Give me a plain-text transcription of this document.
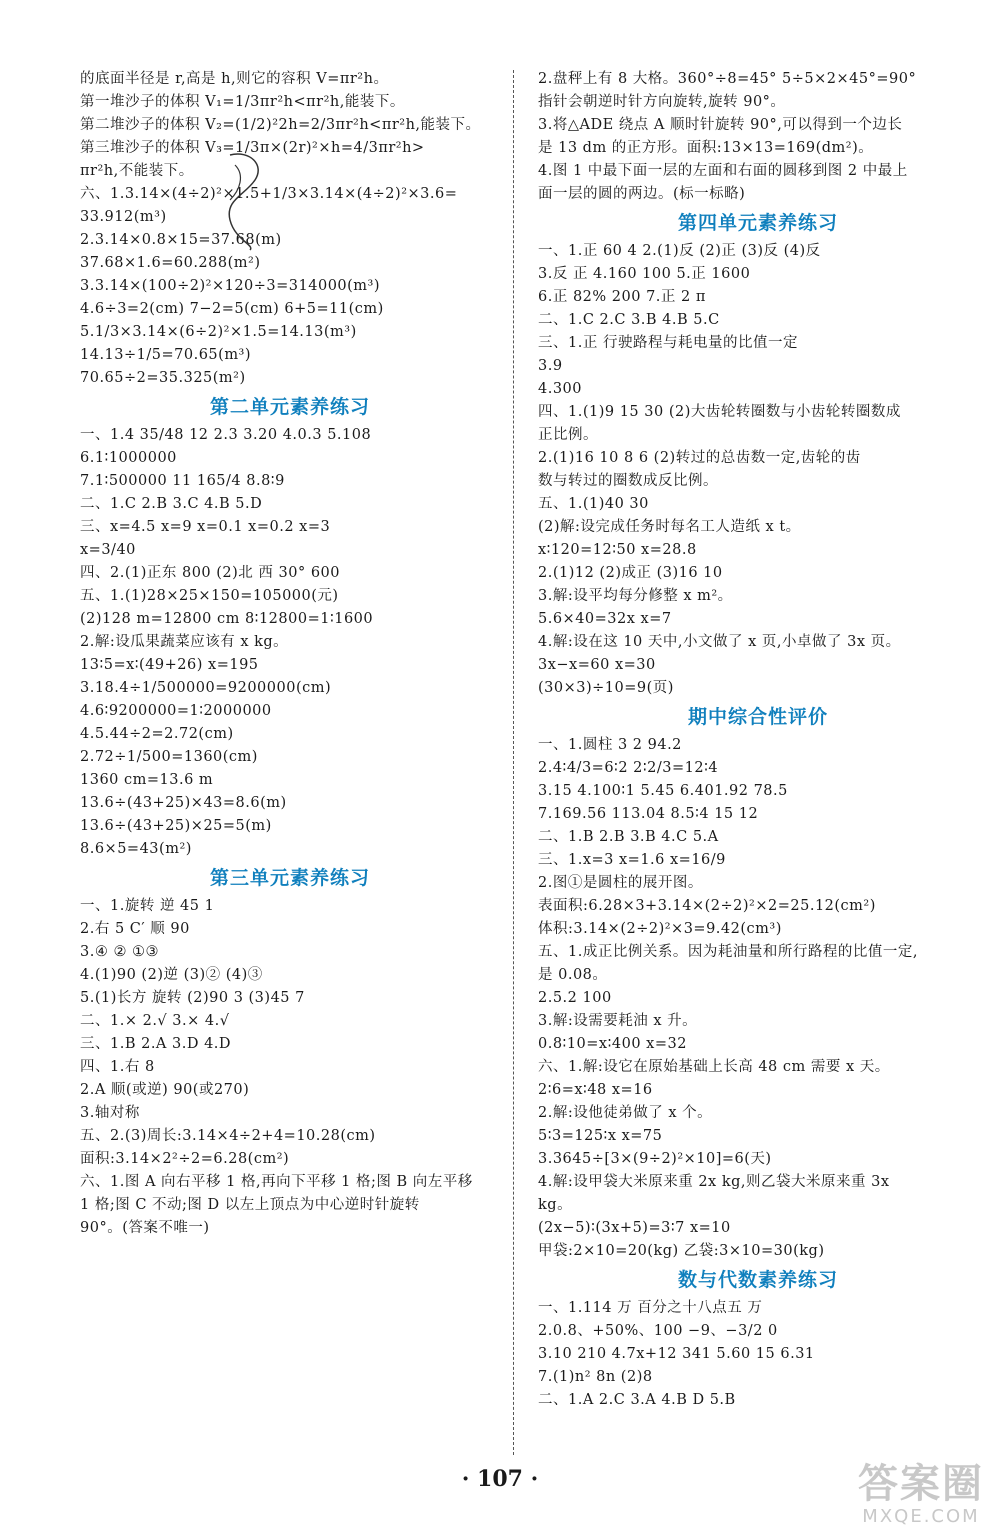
的底面半径是 r,高是 h,则它的容积 V=πr²h。
第一堆沙子的体积 V₁=1/3πr²h<πr²h,能装下。
第二堆沙子的体积 V₂=(1/2)²2h=2/3πr²h<πr²h,能装下。
第三堆沙子的体积 V₃=1/3π×(2r)²×h=4/3πr²h>
πr²h,不能装下。
六、1.3.14×(4÷2)²×1.5+1/3×3.14×(4÷2)²×3.6=
33.912(m³)
2.3.14×0.8×15=37.68(m)
37.68×1.6=60.288(m²)
3.3.14×(100÷2)²×120÷3=314000(m³)
4.6÷3=2(cm) 7−2=5(cm) 6+5=11(cm)
5.1/3×3.14×(6÷2)²×1.5=14.13(m³)
14.13÷1/5=70.65(m³)
70.65÷2=35.325(m²)
第二单元素养练习
一、1.4 35/48 12 2.3 3.20 4.0.3 5.108
6.1∶1000000
7.1∶500000 11 165/4 8.8∶9
二、1.C 2.B 3.C 4.B 5.D
三、x=4.5 x=9 x=0.1 x=0.2 x=3
x=3/40
四、2.(1)正东 800 (2)北 西 30° 600
五、1.(1)28×25×150=105000(元)
(2)128 m=12800 cm 8∶12800=1∶1600
2.解:设瓜果蔬菜应该有 x kg。
13∶5=x∶(49+26) x=195
3.18.4÷1/500000=9200000(cm)
4.6∶9200000=1∶2000000
4.5.44÷2=2.72(cm)
2.72÷1/500=1360(cm)
1360 cm=13.6 m
13.6÷(43+25)×43=8.6(m)
13.6÷(43+25)×25=5(m)
8.6×5=43(m²)
第三单元素养练习
一、1.旋转 逆 45 1
2.右 5 C′ 顺 90
3.④ ② ①③
4.(1)90 (2)逆 (3)② (4)③
5.(1)长方 旋转 (2)90 3 (3)45 7
二、1.× 2.√ 3.× 4.√
三、1.B 2.A 3.D 4.D
四、1.右 8
2.A 顺(或逆) 90(或270)
3.轴对称
五、2.(3)周长:3.14×4÷2+4=10.28(cm)
面积:3.14×2²÷2=6.28(cm²)
六、1.图 A 向右平移 1 格,再向下平移 1 格;图 B 向左平移
1 格;图 C 不动;图 D 以左上顶点为中心逆时针旋转
90°。(答案不唯一)
2.盘秤上有 8 大格。360°÷8=45° 5÷5×2×45°=90°
指针会朝逆时针方向旋转,旋转 90°。
3.将△ADE 绕点 A 顺时针旋转 90°,可以得到一个边长
是 13 dm 的正方形。面积:13×13=169(dm²)。
4.图 1 中最下面一层的左面和右面的圆移到图 2 中最上
面一层的圆的两边。(标一标略)
第四单元素养练习
一、1.正 60 4 2.(1)反 (2)正 (3)反 (4)反
3.反 正 4.160 100 5.正 1600
6.正 82% 200 7.正 2 π
二、1.C 2.C 3.B 4.B 5.C
三、1.正 行驶路程与耗电量的比值一定
3.9
4.300
四、1.(1)9 15 30 (2)大齿轮转圈数与小齿轮转圈数成
正比例。
2.(1)16 10 8 6 (2)转过的总齿数一定,齿轮的齿
数与转过的圈数成反比例。
五、1.(1)40 30
(2)解:设完成任务时每名工人造纸 x t。
x∶120=12∶50 x=28.8
2.(1)12 (2)成正 (3)16 10
3.解:设平均每分修整 x m²。
5.6×40=32x x=7
4.解:设在这 10 天中,小文做了 x 页,小卓做了 3x 页。
3x−x=60 x=30
(30×3)÷10=9(页)
期中综合性评价
一、1.圆柱 3 2 94.2
2.4∶4/3=6∶2 2∶2/3=12∶4
3.15 4.100∶1 5.45 6.401.92 78.5
7.169.56 113.04 8.5∶4 15 12
二、1.B 2.B 3.B 4.C 5.A
三、1.x=3 x=1.6 x=16/9
2.图①是圆柱的展开图。
表面积:6.28×3+3.14×(2÷2)²×2=25.12(cm²)
体积:3.14×(2÷2)²×3=9.42(cm³)
五、1.成正比例关系。因为耗油量和所行路程的比值一定,
是 0.08。
2.5.2 100
3.解:设需要耗油 x 升。
0.8∶10=x∶400 x=32
六、1.解:设它在原始基础上长高 48 cm 需要 x 天。
2∶6=x∶48 x=16
2.解:设他徒弟做了 x 个。
5∶3=125∶x x=75
3.3645÷[3×(9÷2)²×10]=6(天)
4.解:设甲袋大米原来重 2x kg,则乙袋大米原来重 3x
kg。
(2x−5)∶(3x+5)=3∶7 x=10
甲袋:2×10=20(kg) 乙袋:3×10=30(kg)
数与代数素养练习
一、1.114 万 百分之十八点五 万
2.0.8、+50%、100 −9、−3/2 0
3.10 210 4.7x+12 341 5.60 15 6.31
7.(1)n² 8n (2)8
二、1.A 2.C 3.A 4.B D 5.B
· 107 ·	答案圈
MXQE.COM
